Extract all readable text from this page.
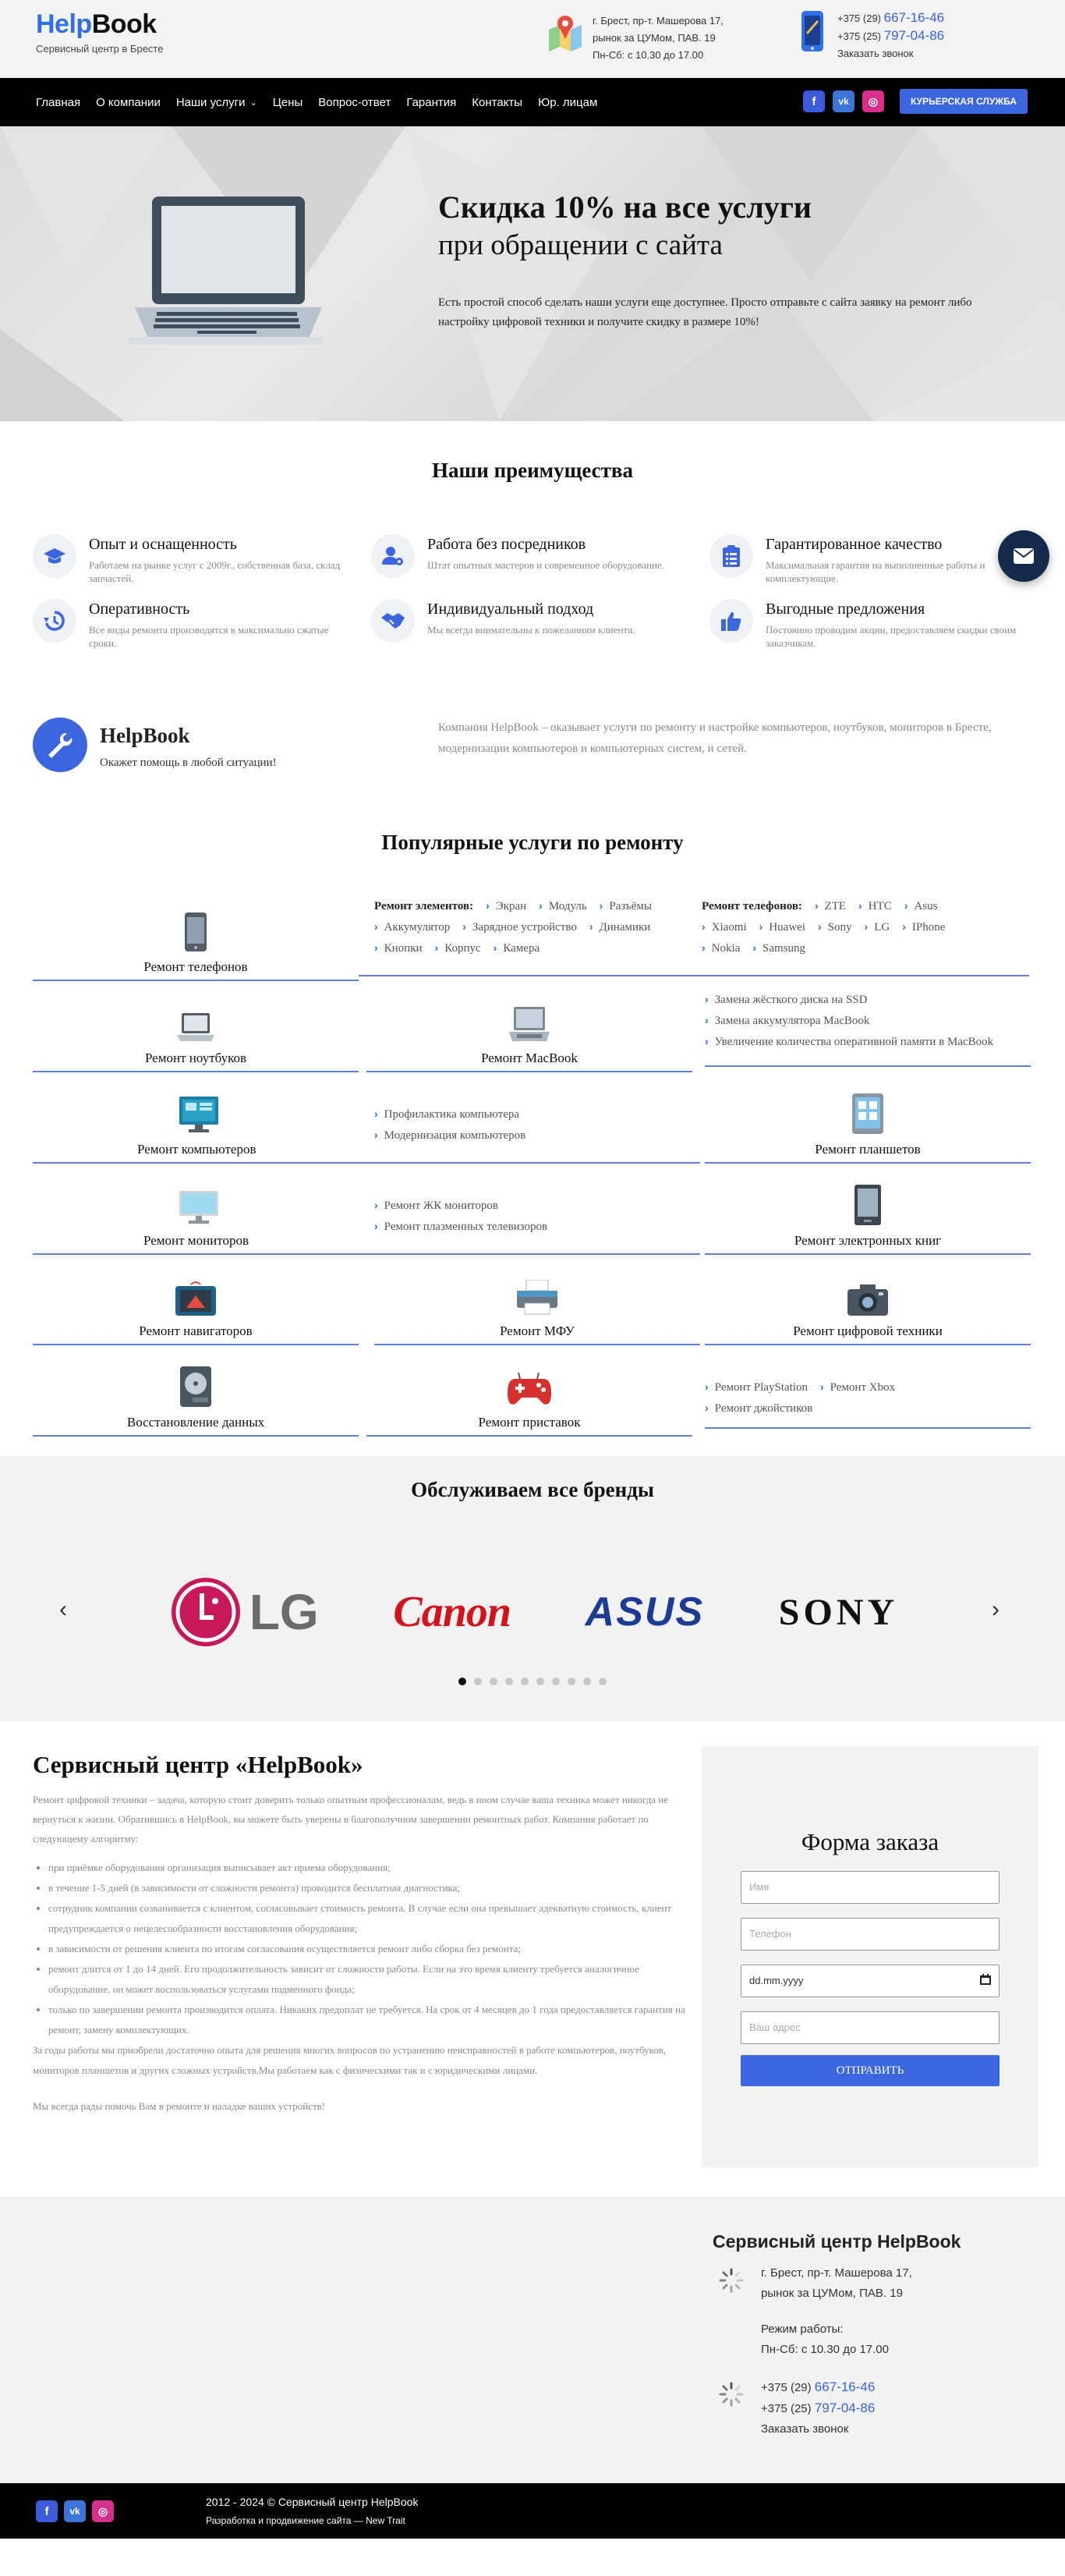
HelpBook
Сервисный центр в Бресте
г. Брест, пр-т. Машерова 17,
рынок за ЦУМом, ПАВ. 19
Пн-Сб: с 10.30 до 17.00
+375 (29) 667-16-46
+375 (25) 797-04-86
Заказать звонок
Главная О компании Наши услуги ⌄ Цены Вопрос-ответ Гарантия Контакты Юр. лицам	f	vk	◎	КУРЬЕРСКАЯ СЛУЖБА
Скидка 10% на все услуги
при обращении с сайта
Есть простой способ сделать наши услуги еще доступнее. Просто отправьте с сайта заявку на ремонт либо настройку цифровой техники и получите скидку в размере 10%!
Наши преимущества
Опыт и оснащенность
Работаем на рынке услуг с 2009г., собственная база, склад запчастей.
Работа без посредников
Штат опытных мастеров и современное оборудование.
Гарантированное качество
Максимальная гарантия на выполненные работы и комплектующие.
Оперативность
Все виды ремонта производятся в максимально сжатые сроки.
Индивидуальный подход
Мы всегда внимательны к пожеланиям клиента.
Выгодные предложения
Постоянно проводим акции, предоставляем скидки своим заказчикам.
HelpBook
Окажет помощь в любой ситуации!
Компания HelpBook – оказывает услуги по ремонту и настройке компьютеров, ноутбуков, мониторов в Бресте, модернизации компьютеров и компьютерных систем, и сетей.
Популярные услуги по ремонту
Ремонт телефонов
Ремонт элементов: › Экран › Модуль › Разъёмы
› Аккумулятор › Зарядное устройство › Динамики
› Кнопки › Корпус › Камера
Ремонт телефонов: › ZTE › HTC › Asus
› Xiaomi › Huawei › Sony › LG › IPhone
› Nokia › Samsung
Ремонт ноутбуков	Ремонт MacBook
› Замена жёсткого диска на SSD
› Замена аккумулятора MacBook
› Увеличение количества оперативной памяти в MacBook
Ремонт компьютеров
› Профилактика компьютера
› Модернизация компьютеров
Ремонт планшетов
Ремонт мониторов
› Ремонт ЖК мониторов
› Ремонт плазменных телевизоров
Ремонт электронных книг
Ремонт навигаторов	Ремонт МФУ	Ремонт цифровой техники
Восстановление данных	Ремонт приставок
› Ремонт PlayStation › Ремонт Xbox
› Ремонт джойстиков
Обслуживаем все бренды
‹	›
LG Canon ASUS SONY
Сервисный центр «HelpBook»
Ремонт цифровой техники – задача, которую стоит доверить только опытным профессионалам, ведь в ином случае ваша техника может никогда не вернуться к жизни. Обратившись в HelpBook, вы можете быть уверены в благополучном завершении ремонтных работ. Компания работает по следующему алгоритму:
• при приёмке оборудования организация выписывает акт приема оборудования;
• в течение 1-5 дней (в зависимости от сложности ремонта) проводится бесплатная диагностика;
• сотрудник компании созванивается с клиентом, согласовывает стоимость ремонта. В случае если она превышает адекватную стоимость, клиент предупреждается о нецелесообразности восстановления оборудования;
• в зависимости от решения клиента по итогам согласования осуществляется ремонт либо сборка без ремонта;
• ремонт длится от 1 до 14 дней. Его продолжительность зависит от сложности работы. Если на это время клиенту требуется аналогичное оборудование, он может воспользоваться услугами подменного фонда;
• только по завершении ремонта производится оплата. Никаких предоплат не требуется. На срок от 4 месяцев до 1 года предоставляется гарантия на ремонт, замену комплектующих.
За годы работы мы приобрели достаточно опыта для решения многих вопросов по устранению неисправностей в работе компьютеров, ноутбуков, мониторов планшетов и других сложных устройств.Мы работаем как с физическими так и с юридическими лицами.
Мы всегда рады помочь Вам в ремонте и наладке ваших устройств!
Форма заказа
Имя
Телефон
dd.mm.yyyy
Ваш адрес
ОТПРАВИТЬ
Сервисный центр HelpBook
г. Брест, пр-т. Машерова 17,
рынок за ЦУМом, ПАВ. 19
Режим работы:
Пн-Сб: с 10.30 до 17.00
+375 (29) 667-16-46
+375 (25) 797-04-86
Заказать звонок
f	vk	◎
2012 - 2024 © Сервисный центр HelpBook
Разработка и продвижение сайта — New Trait
